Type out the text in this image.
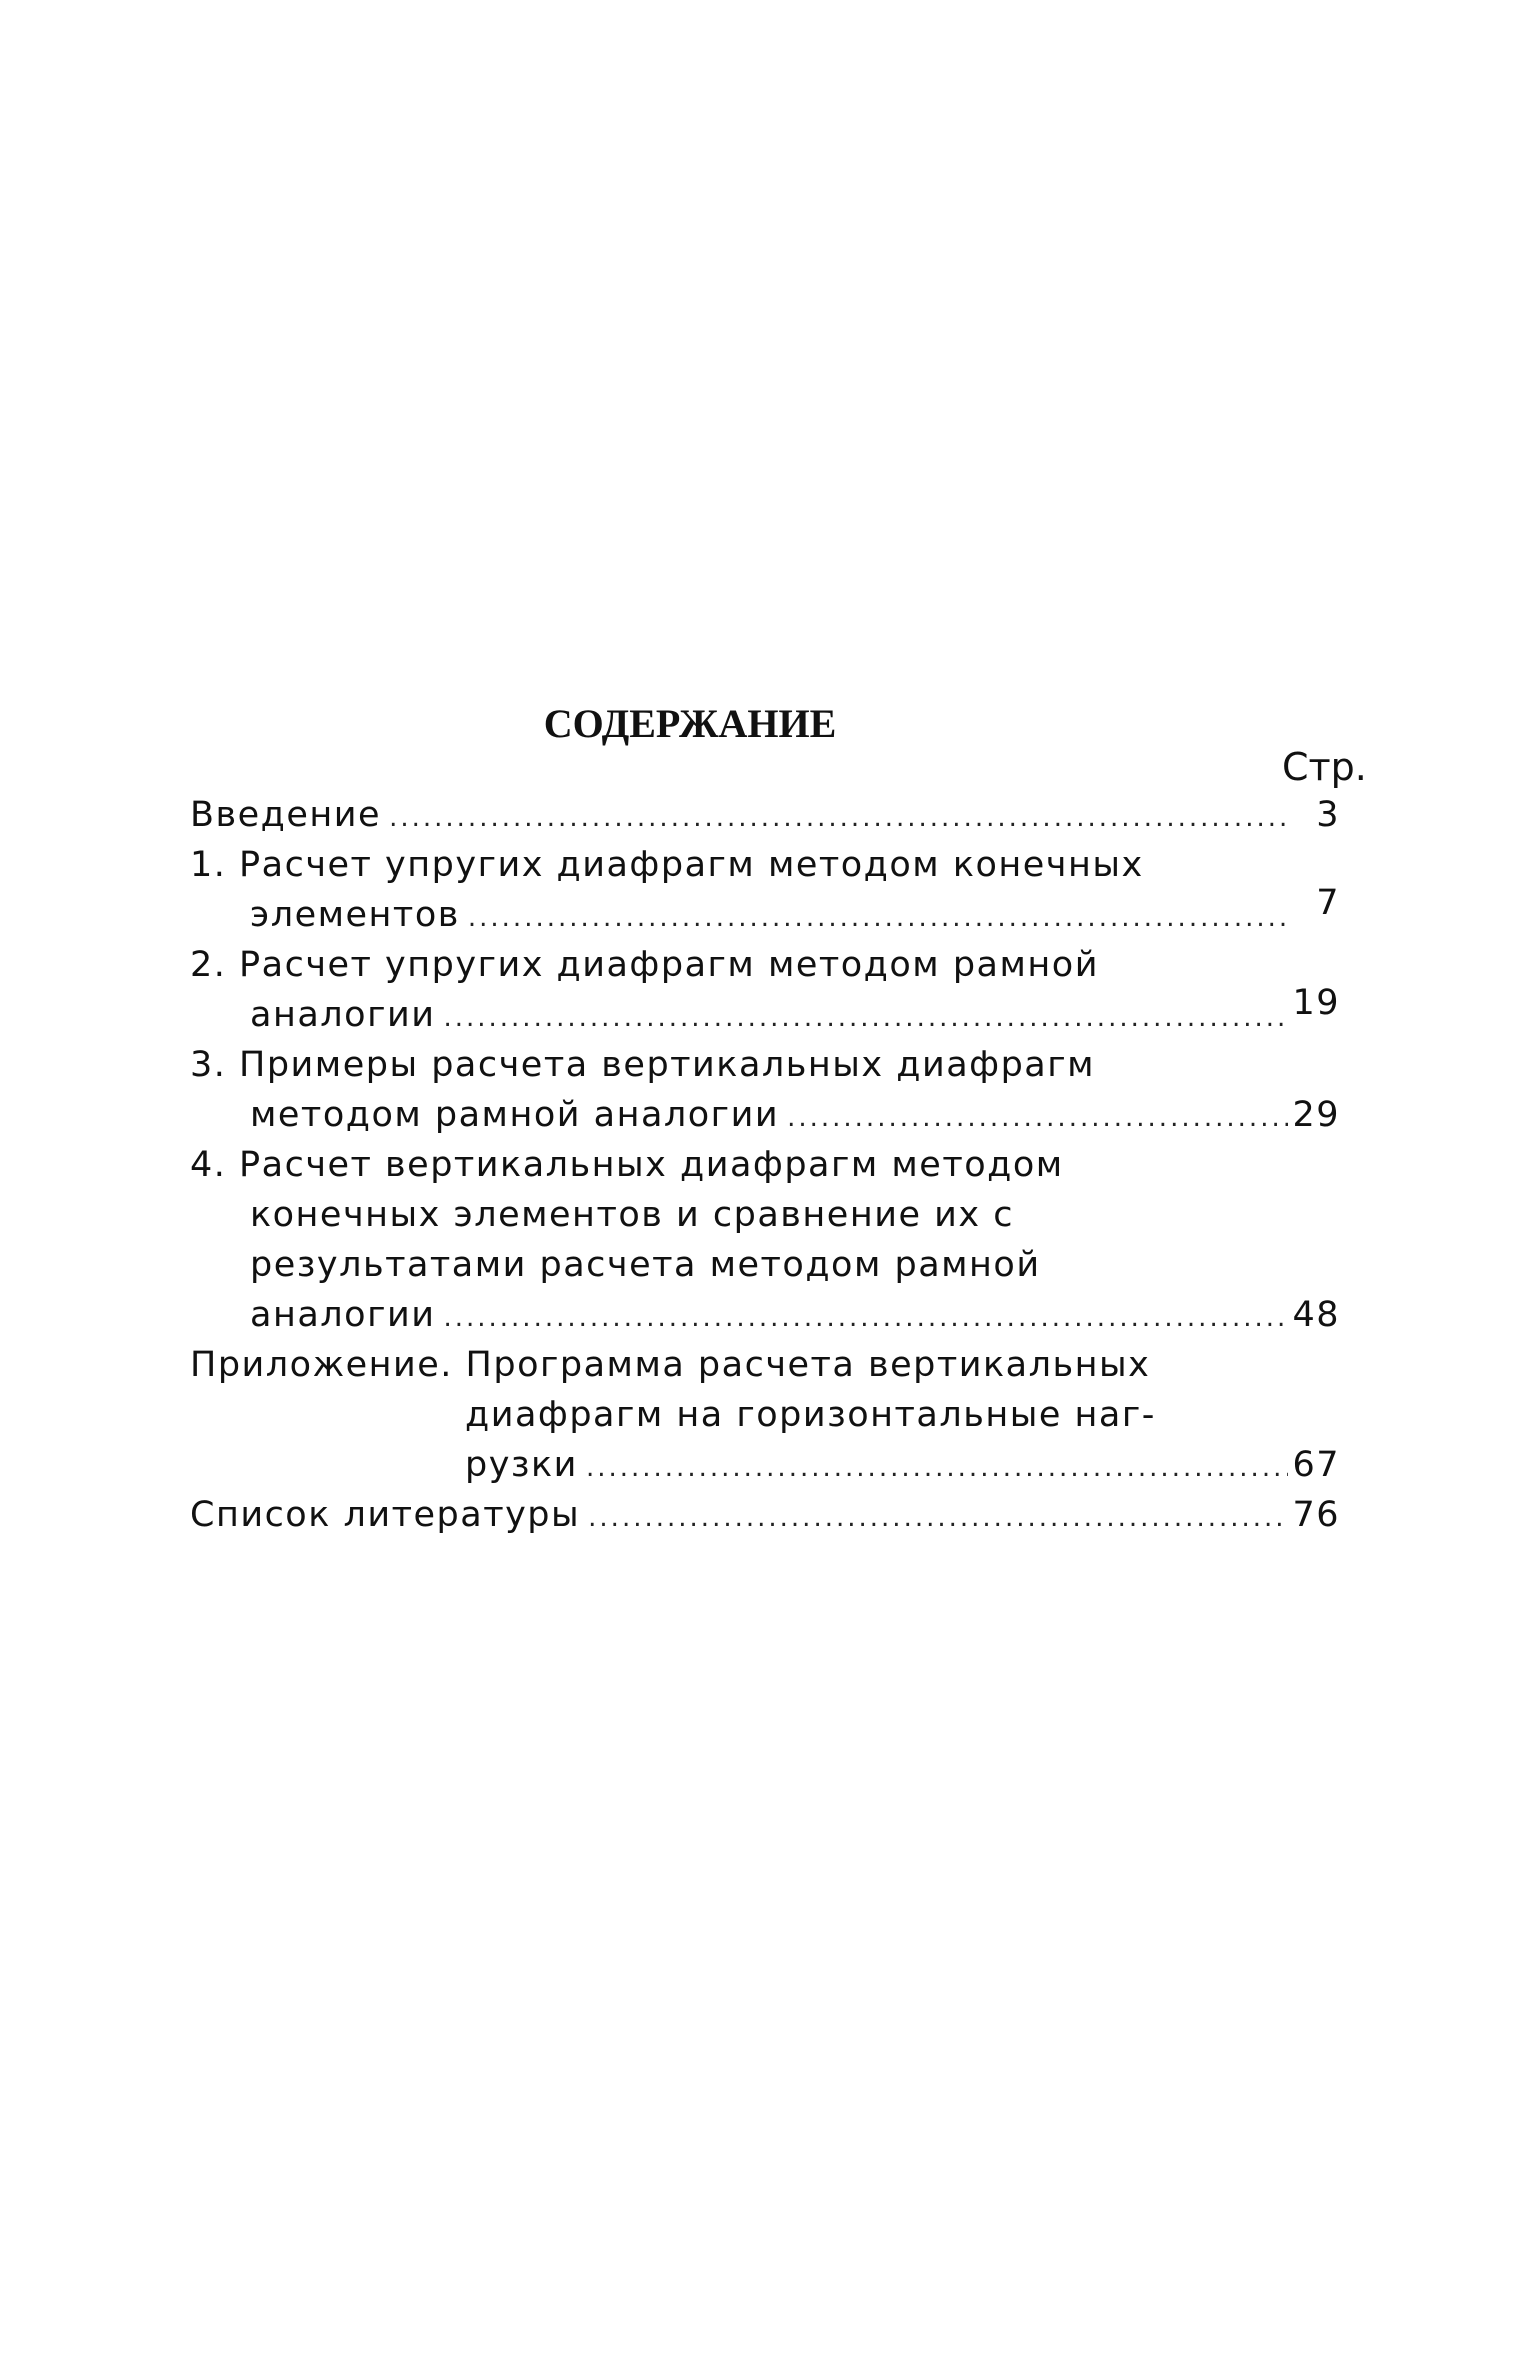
СОДЕРЖАНИЕ
Стр.
Введение .....	3
1. Расчет упругих диафрагм методом конечных
элементов .....	7
2. Расчет упругих диафрагм методом рамной
аналогии .....	19
3. Примеры расчета вертикальных диафрагм
методом рамной аналогии .....	29
4. Расчет вертикальных диафрагм методом
конечных элементов и сравнение их с
результатами расчета методом рамной
аналогии .....	48
Приложение. Программа расчета вертикальных
диафрагм на горизонтальные наг-
рузки .....	67
Список литературы .....	76
